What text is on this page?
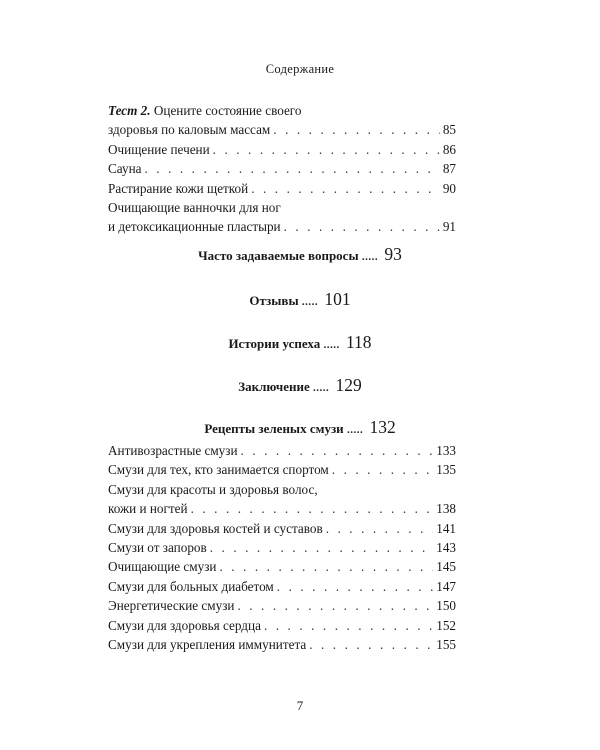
Содержание
Тест 2. Оцените состояние своего
здоровья по каловым массам . . .	85
Очищение печени . . .	86
Сауна . . .	87
Растирание кожи щеткой . . .	90
Очищающие ванночки для ног
и детоксикационные пластыри . . .	91
Часто задаваемые вопросы ..... 93
Отзывы ..... 101
Истории успеха ..... 118
Заключение ..... 129
Рецепты зеленых смузи ..... 132
Антивозрастные смузи . . .	133
Смузи для тех, кто занимается спортом . . .	135
Смузи для красоты и здоровья волос,
кожи и ногтей . . .	138
Смузи для здоровья костей и суставов . . .	141
Смузи от запоров . . .	143
Очищающие смузи . . .	145
Смузи для больных диабетом . . .	147
Энергетические смузи . . .	150
Смузи для здоровья сердца . . .	152
Смузи для укрепления иммунитета . . .	155
7
